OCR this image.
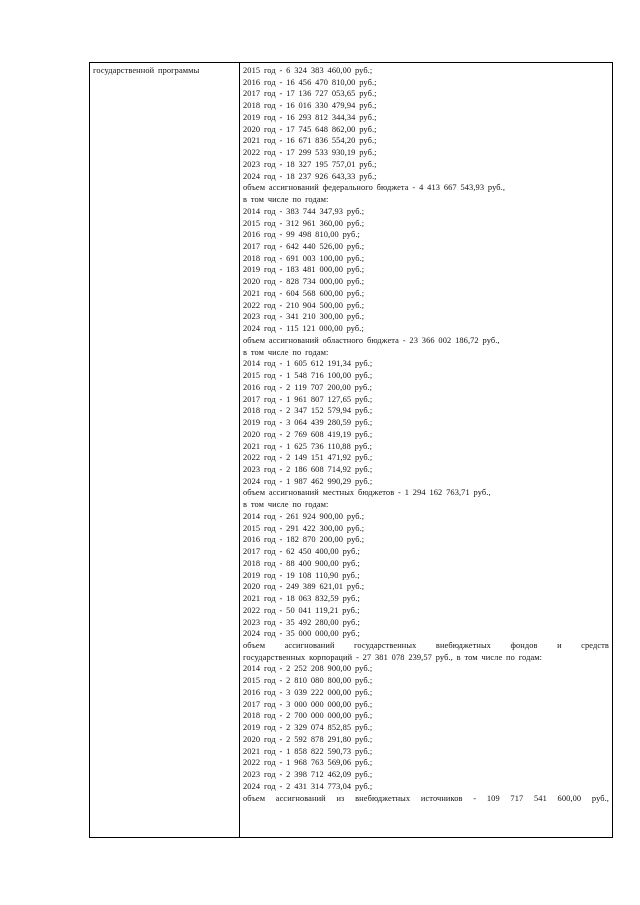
государственной программы	2015 год - 6 324 383 460,00 руб.;
2016 год - 16 456 470 810,00 руб.;
2017 год - 17 136 727 053,65 руб.;
2018 год - 16 016 330 479,94 руб.;
2019 год - 16 293 812 344,34 руб.;
2020 год - 17 745 648 862,00 руб.;
2021 год - 16 671 836 554,20 руб.;
2022 год - 17 299 533 930,19 руб.;
2023 год - 18 327 195 757,01 руб.;
2024 год - 18 237 926 643,33 руб.;
объем ассигнований федерального бюджета - 4 413 667 543,93 руб.,
в том числе по годам:
2014 год - 383 744 347,93 руб.;
2015 год - 312 961 360,00 руб.;
2016 год - 99 498 810,00 руб.;
2017 год - 642 440 526,00 руб.;
2018 год - 691 003 100,00 руб.;
2019 год - 183 481 000,00 руб.;
2020 год - 828 734 000,00 руб.;
2021 год - 604 568 600,00 руб.;
2022 год - 210 904 500,00 руб.;
2023 год - 341 210 300,00 руб.;
2024 год - 115 121 000,00 руб.;
объем ассигнований областного бюджета - 23 366 002 186,72 руб.,
в том числе по годам:
2014 год - 1 605 612 191,34 руб.;
2015 год - 1 548 716 100,00 руб.;
2016 год - 2 119 707 200,00 руб.;
2017 год - 1 961 807 127,65 руб.;
2018 год - 2 347 152 579,94 руб.;
2019 год - 3 064 439 280,59 руб.;
2020 год - 2 769 608 419,19 руб.;
2021 год - 1 625 736 110,88 руб.;
2022 год - 2 149 151 471,92 руб.;
2023 год - 2 186 608 714,92 руб.;
2024 год - 1 987 462 990,29 руб.;
объем ассигнований местных бюджетов - 1 294 162 763,71 руб.,
в том числе по годам:
2014 год - 261 924 900,00 руб.;
2015 год - 291 422 300,00 руб.;
2016 год - 182 870 200,00 руб.;
2017 год - 62 450 400,00 руб.;
2018 год - 88 400 900,00 руб.;
2019 год - 19 108 110,90 руб.;
2020 год - 249 389 621,01 руб.;
2021 год - 18 063 832,59 руб.;
2022 год - 50 041 119,21 руб.;
2023 год - 35 492 280,00 руб.;
2024 год - 35 000 000,00 руб.;
объем ассигнований государственных внебюджетных фондов и средств
государственных корпораций - 27 381 078 239,57 руб., в том числе по годам:
2014 год - 2 252 208 900,00 руб.;
2015 год - 2 810 080 800,00 руб.;
2016 год - 3 039 222 000,00 руб.;
2017 год - 3 000 000 000,00 руб.;
2018 год - 2 700 000 000,00 руб.;
2019 год - 2 329 074 852,85 руб.;
2020 год - 2 592 878 291,80 руб.;
2021 год - 1 858 822 590,73 руб.;
2022 год - 1 968 763 569,06 руб.;
2023 год - 2 398 712 462,09 руб.;
2024 год - 2 431 314 773,04 руб.;
объем ассигнований из внебюджетных источников - 109 717 541 600,00 руб.,
